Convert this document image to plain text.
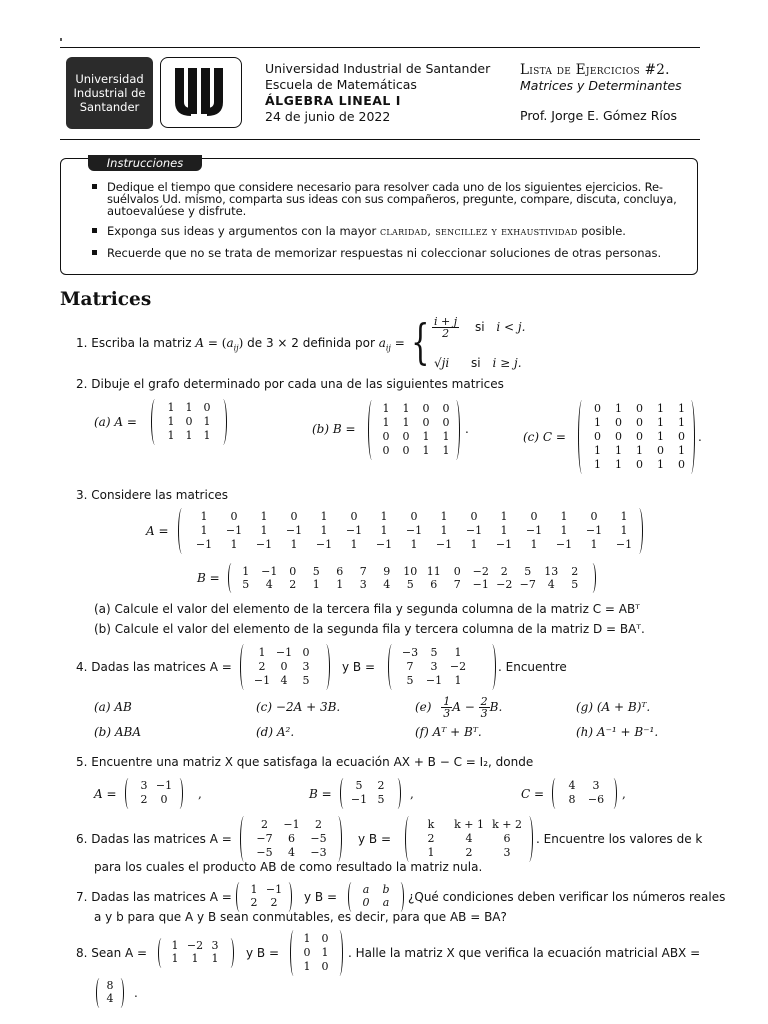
Universidad
Industrial de
Santander
Universidad Industrial de Santander
Escuela de Matemáticas
ÁLGEBRA LINEAL I
24 de junio de 2022
Lista de Ejercicios #2.
Matrices y Determinantes
Prof. Jorge E. Gómez Ríos
Instrucciones
Dedique el tiempo que considere necesario para resolver cada uno de los siguientes ejercicios. Re-
suélvalos Ud. mismo, comparta sus ideas con sus compañeros, pregunte, compare, discuta, concluya,
autoevalúese y disfrute.
Exponga sus ideas y argumentos con la mayor claridad, sencillez y exhaustividad posible.
Recuerde que no se trata de memorizar respuestas ni coleccionar soluciones de otras personas.
Matrices
1. Escriba la matriz $A = (a_{ij})$ de 3 × 2 definida por $a_{ij}$ = { $\frac{i + j}{2}$ si i < j.
√ji si i ≥ j.
2. Dibuje el grafo determinado por cada una de las siguientes matrices
(a) A =
1	1	0
1	0	1
1	1	1	(b) B =
1	1	0	0
1	1	0	0
0	0	1	1
0	0	1	1
.
(c) C =
0	1	0	1	1
1	0	0	1	1
0	0	0	1	0
1	1	1	0	1
1	1	0	1	0
.
3. Considere las matrices
A =
1	0	1	0	1	0	1	0	1	0	1	0	1	0	1
1	−1	1	−1	1	−1	1	−1	1	−1	1	−1	1	−1	1
−1	1	−1	1	−1	1	−1	1	−1	1	−1	1	−1	1	−1
B =	1	−1	0	5	6	7	9	10 11	0	−2	2	5	13	2
5	4	2	1	1	3	4	5	6	7	−1 −2 −7	4	5
(a) Calcule el valor del elemento de la tercera fila y segunda columna de la matriz C = ABᵀ
(b) Calcule el valor del elemento de la segunda fila y tercera columna de la matriz D = BAᵀ.
4. Dadas las matrices A =
1 −1 0
2	0	3
−1 4	5
y B =
−3	5	1
7	3	−2
5	−1	1
. Encuentre
(a) AB	(c) −2A + 3B.	$(e) \frac{1}{3}$ $A - \frac{2}{3} B$.	(g) (A + B)ᵀ.
(b) ABA	(d) A².	(f) Aᵀ + Bᵀ.	(h) A⁻¹ + B⁻¹.
5. Encuentre una matriz X que satisfaga la ecuación AX + B − C = I₂, donde
A =
3 −1
2	0	,	B =
5	2
−1 5	,	C =
4	3
8	−6	,
6. Dadas las matrices A =
2	−1	2
−7	6	−5
−5	4	−3
y B =
k	k + 1 k + 2
2	4	6
1	2	3
. Encuentre los valores de k
para los cuales el producto AB de como resultado la matriz nula.
7. Dadas las matrices A =
1 −1
2	2	y B =
a	b
0	a	¿Qué condiciones deben verificar los números reales
a y b para que A y B sean conmutables, es decir, para que AB = BA?
8. Sean A =
1 −2 3
1	1	1	y B =
1	0
0	1
1	0
. Halle la matriz X que verifica la ecuación matricial ABX =
8
4	.
